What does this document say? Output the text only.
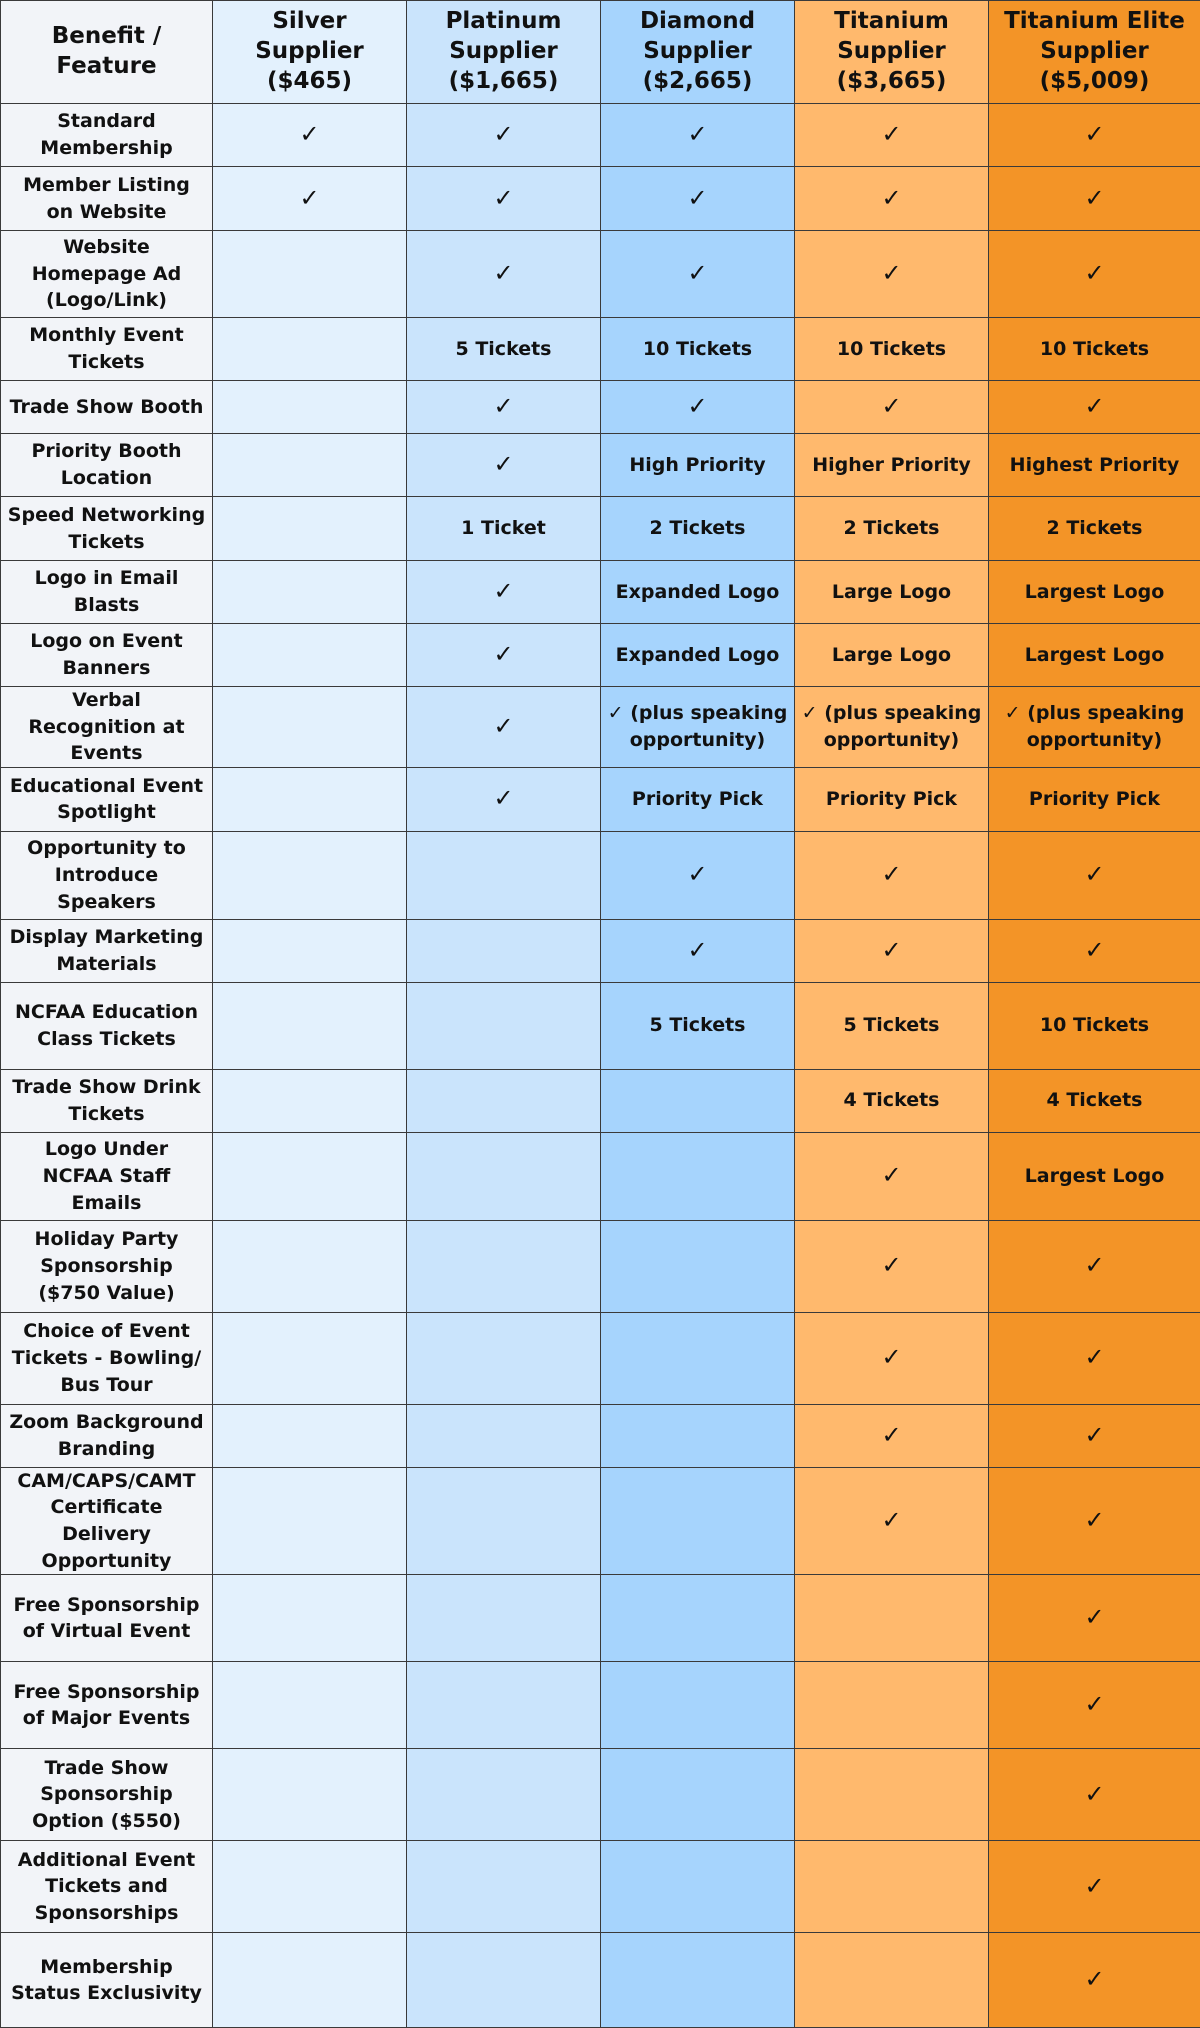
Benefit / Feature	Silver Supplier ($465)	Platinum Supplier ($1,665)	Diamond Supplier ($2,665)	Titanium Supplier ($3,665)	Titanium Elite Supplier ($5,009)
Standard Membership	✓	✓	✓	✓	✓
Member Listing on Website	✓	✓	✓	✓	✓
Website Homepage Ad (Logo/Link)		✓	✓	✓	✓
Monthly Event Tickets		5 Tickets	10 Tickets	10 Tickets	10 Tickets
Trade Show Booth		✓	✓	✓	✓
Priority Booth Location		✓	High Priority	Higher Priority	Highest Priority
Speed Networking Tickets		1 Ticket	2 Tickets	2 Tickets	2 Tickets
Logo in Email Blasts		✓	Expanded Logo	Large Logo	Largest Logo
Logo on Event Banners		✓	Expanded Logo	Large Logo	Largest Logo
Verbal Recognition at Events		✓	✓ (plus speaking opportunity)	✓ (plus speaking opportunity)	✓ (plus speaking opportunity)
Educational Event Spotlight		✓	Priority Pick	Priority Pick	Priority Pick
Opportunity to Introduce Speakers			✓	✓	✓
Display Marketing Materials			✓	✓	✓
NCFAA Education Class Tickets			5 Tickets	5 Tickets	10 Tickets
Trade Show Drink Tickets				4 Tickets	4 Tickets
Logo Under NCFAA Staff Emails				✓	Largest Logo
Holiday Party Sponsorship ($750 Value)				✓	✓
Choice of Event Tickets - Bowling/ Bus Tour				✓	✓
Zoom Background Branding				✓	✓
CAM/CAPS/CAMT Certificate Delivery Opportunity				✓	✓
Free Sponsorship of Virtual Event					✓
Free Sponsorship of Major Events					✓
Trade Show Sponsorship Option ($550)					✓
Additional Event Tickets and Sponsorships					✓
Membership Status Exclusivity					✓
